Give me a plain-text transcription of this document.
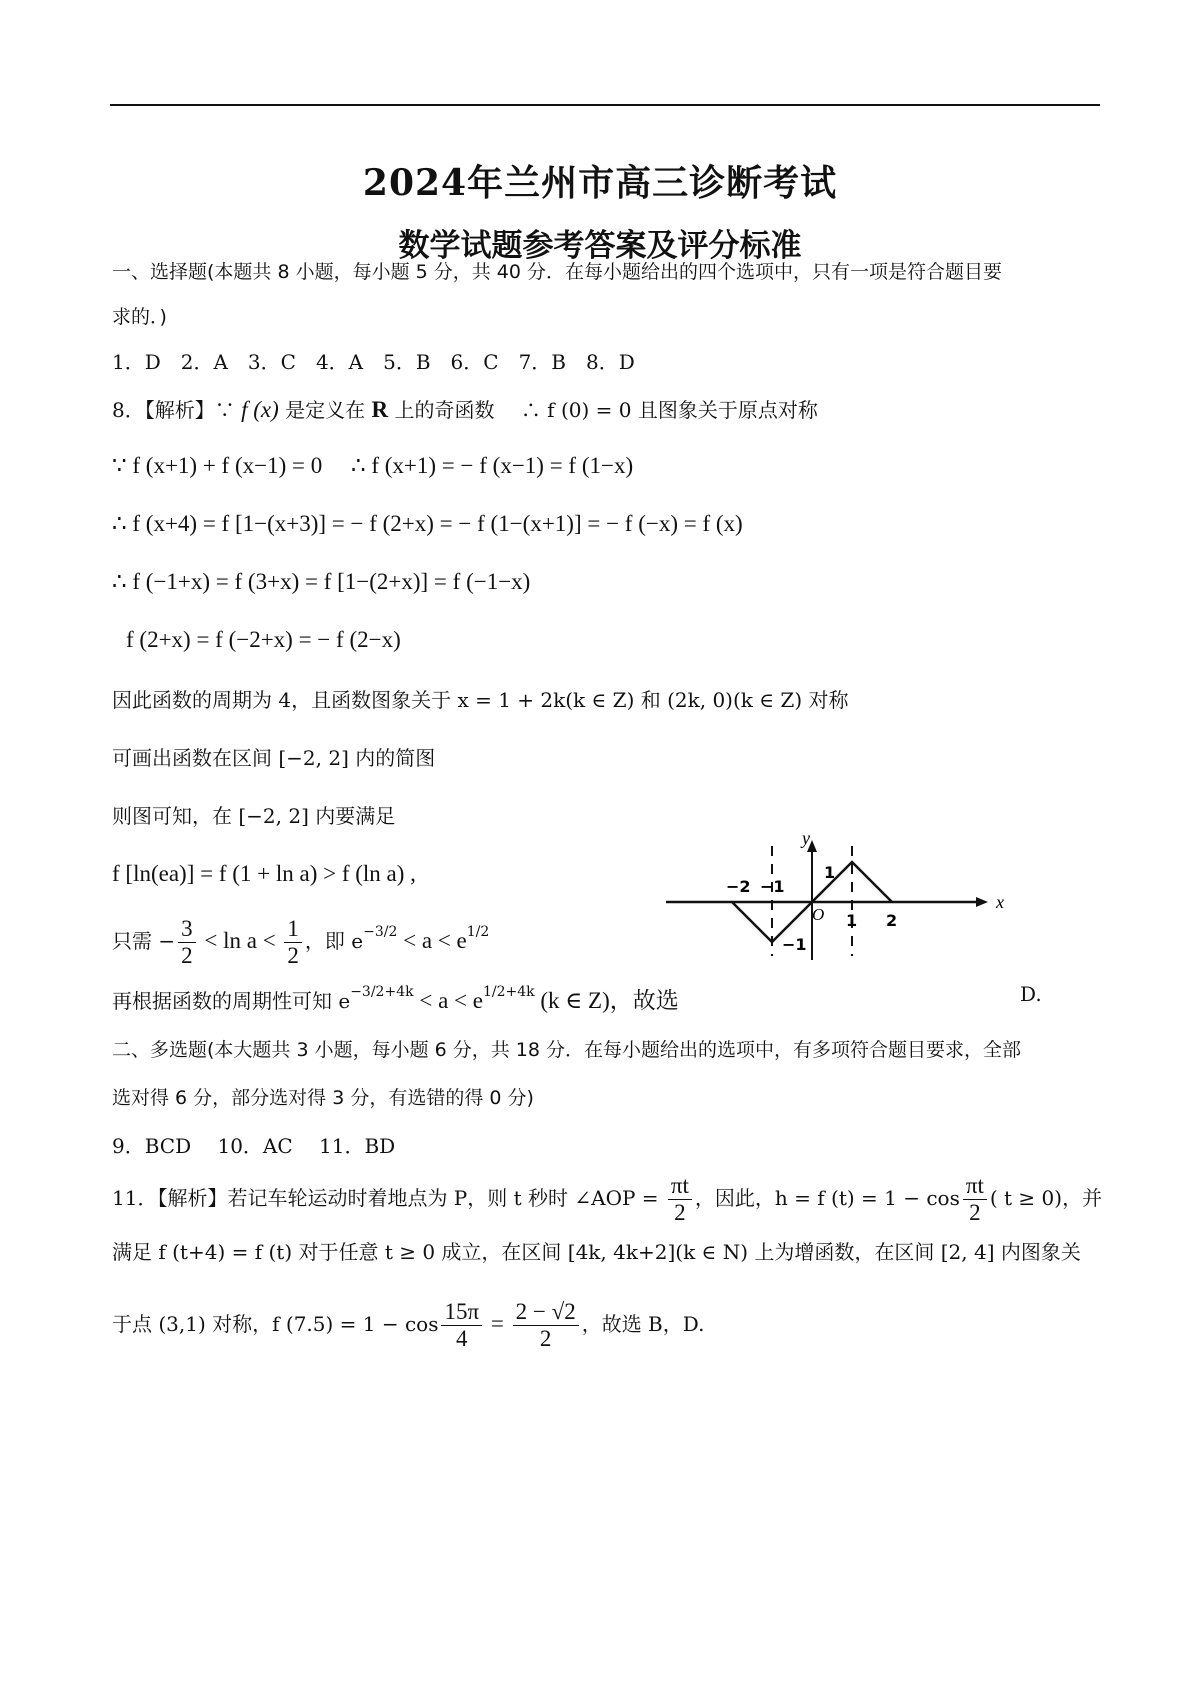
2024年兰州市高三诊断考试
数学试题参考答案及评分标准
一、选择题(本题共 8 小题，每小题 5 分，共 40 分．在每小题给出的四个选项中，只有一项是符合题目要
求的．)
1．D　2．A　3．C　4．A　5．B　6．C　7．B　8．D
8．【解析】∵ f (x) 是定义在 R 上的奇函数　 ∴ f (0) = 0 且图象关于原点对称
∵ f (x+1) + f (x−1) = 0　 ∴ f (x+1) = − f (x−1) = f (1−x)
∴ f (x+4) = f [1−(x+3)] = − f (2+x) = − f (1−(x+1)] = − f (−x) = f (x)
∴ f (−1+x) = f (3+x) = f [1−(2+x)] = f (−1−x)
f (2+x) = f (−2+x) = − f (2−x)
因此函数的周期为 4，且函数图象关于 x = 1 + 2k(k ∈ Z) 和 (2k, 0)(k ∈ Z) 对称
可画出函数在区间 [−2, 2] 内的简图
则图可知，在 [−2, 2] 内要满足
f [ln(ea)] = f (1 + ln a) > f (ln a) ,
只需 − $\frac{3}{2} < \ln a < \frac{1}{2}$ ，即 $e^{-3/2} < a < e^{1/2}$
再根据函数的周期性可知 $e^{-3/2+4k} < a < e^{1/2+4k}$ (k ∈ Z)，故选	D.
y
x
O
−2 −1
1 2
1
−1
二、多选题(本大题共 3 小题，每小题 6 分，共 18 分．在每小题给出的选项中，有多项符合题目要求，全部
选对得 6 分，部分选对得 3 分，有选错的得 0 分)
9．BCD　 10．AC　 11．BD
11．【解析】若记车轮运动时着地点为 P，则 t 秒时 ∠AOP = $\frac{\pi t}{2}$ ，因此，h = f $(t) = 1 - \cos \frac{\pi t}{2}$ ( t ≥ 0)，并
满足 f (t+4) = f (t) 对于任意 t ≥ 0 成立，在区间 [4k, 4k+2](k ∈ N) 上为增函数，在区间 [2, 4] 内图象关
于点 (3,1) 对称，f $(7.5) = 1 - \cos \frac{15\pi}{4} = \frac{2 - √2}{2}$ ，故选 B，D.
